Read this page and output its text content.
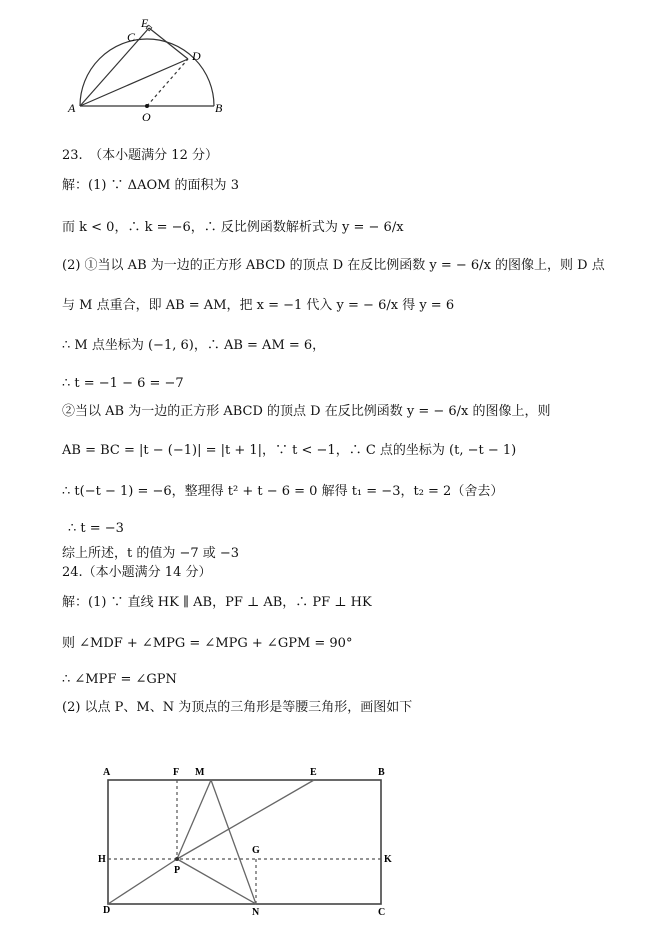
A	B
C
D
E
O
23.　（本小题满分 12 分）
解：(1) ∵ ΔAOM 的面积为 3
而 k < 0，∴ k = −6，∴ 反比例函数解析式为 y = − 6/x
(2) ①当以 AB 为一边的正方形 ABCD 的顶点 D 在反比例函数 y = − 6/x 的图像上，则 D 点
与 M 点重合，即 AB = AM，把 x = −1 代入 y = − 6/x 得 y = 6
∴ M 点坐标为 (−1, 6)，∴ AB = AM = 6，
∴ t = −1 − 6 = −7
②当以 AB 为一边的正方形 ABCD 的顶点 D 在反比例函数 y = − 6/x 的图像上，则
AB = BC = |t − (−1)| = |t + 1|，∵ t < −1，∴ C 点的坐标为 (t, −t − 1)
∴ t(−t − 1) = −6，整理得 t² + t − 6 = 0 解得 t₁ = −3，t₂ = 2（舍去）
∴ t = −3
综上所述，t 的值为 −7 或 −3
24.（本小题满分 14 分）
解：(1) ∵ 直线 HK ∥ AB，PF ⊥ AB，∴ PF ⊥ HK
则 ∠MDF + ∠MPG = ∠MPG + ∠GPM = 90°
∴ ∠MPF = ∠GPN
(2) 以点 P、M、N 为顶点的三角形是等腰三角形，画图如下
A	F M	E	B
H
G
K
P
D	N	C
